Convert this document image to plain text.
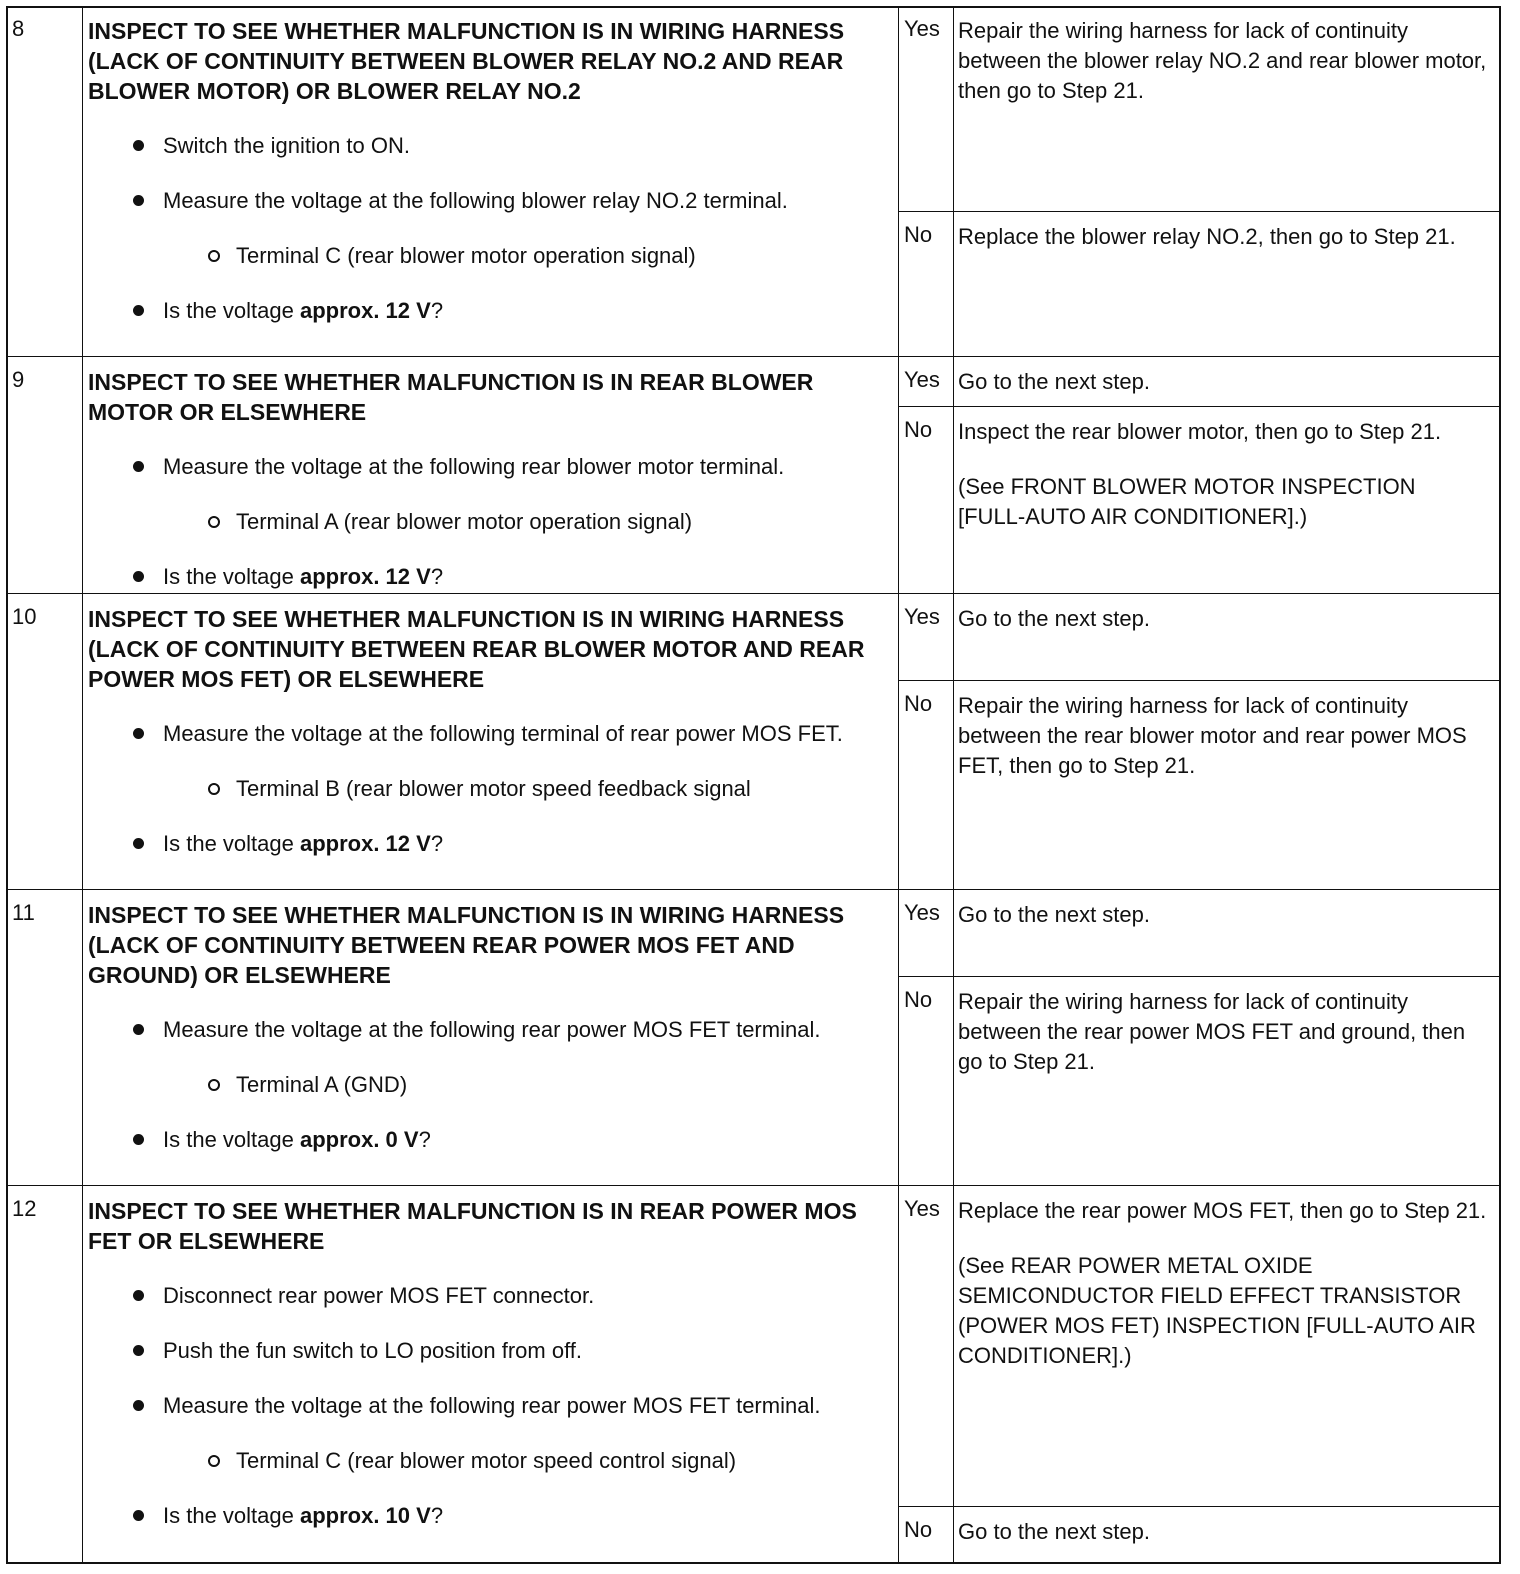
8	INSPECT TO SEE WHETHER MALFUNCTION IS IN WIRING HARNESS (LACK OF CONTINUITY BETWEEN BLOWER RELAY NO.2 AND REAR BLOWER MOTOR) OR BLOWER RELAY NO.2
Switch the ignition to ON.
Measure the voltage at the following blower relay NO.2 terminal.
Terminal C (rear blower motor operation signal)
Is the voltage approx. 12 V?
Yes Repair the wiring harness for lack of continuity between the blower relay NO.2 and rear blower motor, then go to Step 21.

No Replace the blower relay NO.2, then go to Step 21.

9	INSPECT TO SEE WHETHER MALFUNCTION IS IN REAR BLOWER MOTOR OR ELSEWHERE
Measure the voltage at the following rear blower motor terminal.
Terminal A (rear blower motor operation signal)
Is the voltage approx. 12 V?
Yes Go to the next step.

No Inspect the rear blower motor, then go to Step 21.

(See FRONT BLOWER MOTOR INSPECTION [FULL-AUTO AIR CONDITIONER].)

10 INSPECT TO SEE WHETHER MALFUNCTION IS IN WIRING HARNESS (LACK OF CONTINUITY BETWEEN REAR BLOWER MOTOR AND REAR POWER MOS FET) OR ELSEWHERE
Measure the voltage at the following terminal of rear power MOS FET.
Terminal B (rear blower motor speed feedback signal
Is the voltage approx. 12 V?
Yes Go to the next step.

No Repair the wiring harness for lack of continuity between the rear blower motor and rear power MOS FET, then go to Step 21.

11 INSPECT TO SEE WHETHER MALFUNCTION IS IN WIRING HARNESS (LACK OF CONTINUITY BETWEEN REAR POWER MOS FET AND GROUND) OR ELSEWHERE
Measure the voltage at the following rear power MOS FET terminal.
Terminal A (GND)
Is the voltage approx. 0 V?
Yes Go to the next step.

No Repair the wiring harness for lack of continuity between the rear power MOS FET and ground, then go to Step 21.

12 INSPECT TO SEE WHETHER MALFUNCTION IS IN REAR POWER MOS FET OR ELSEWHERE
Disconnect rear power MOS FET connector.
Push the fun switch to LO position from off.
Measure the voltage at the following rear power MOS FET terminal.
Terminal C (rear blower motor speed control signal)
Is the voltage approx. 10 V?
Yes Replace the rear power MOS FET, then go to Step 21.

(See REAR POWER METAL OXIDE SEMICONDUCTOR FIELD EFFECT TRANSISTOR (POWER MOS FET) INSPECTION [FULL-AUTO AIR CONDITIONER].)

No Go to the next step.
